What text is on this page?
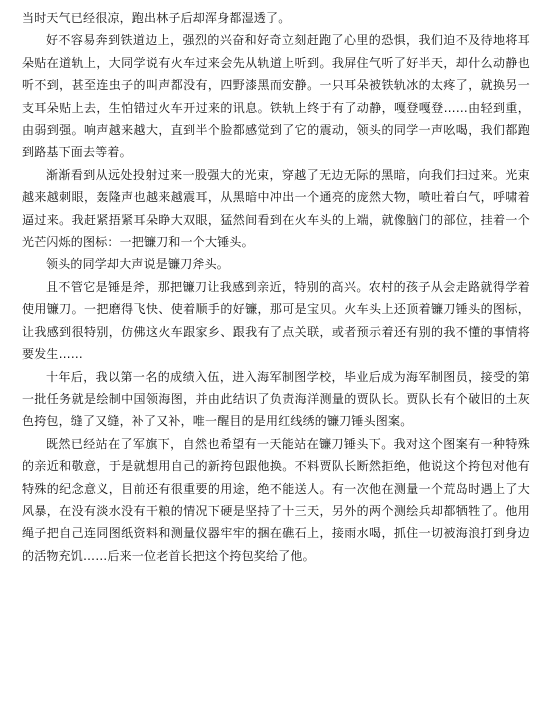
当时天气已经很凉，跑出林子后却浑身都湿透了。

好不容易奔到铁道边上，强烈的兴奋和好奇立刻赶跑了心里的恐惧，我们迫不及待地将耳朵贴在道轨上，大同学说有火车过来会先从轨道上听到。我屏住气听了好半天，却什么动静也听不到，甚至连虫子的叫声都没有，四野漆黑而安静。一只耳朵被铁轨冰的太疼了，就换另一支耳朵贴上去，生怕错过火车开过来的讯息。铁轨上终于有了动静，嘎登嘎登……由轻到重，由弱到强。响声越来越大，直到半个脸都感觉到了它的震动，领头的同学一声吆喝，我们都跑到路基下面去等着。

渐渐看到从远处投射过来一股强大的光束，穿越了无边无际的黑暗，向我们扫过来。光束越来越刺眼，轰隆声也越来越震耳，从黑暗中冲出一个通亮的庞然大物，喷吐着白气，呼啸着逼过来。我赶紧捂紧耳朵睁大双眼，猛然间看到在火车头的上端，就像脑门的部位，挂着一个光芒闪烁的图标：一把镰刀和一个大锤头。

领头的同学却大声说是镰刀斧头。

且不管它是锤是斧，那把镰刀让我感到亲近，特别的高兴。农村的孩子从会走路就得学着使用镰刀。一把磨得飞快、使着顺手的好镰，那可是宝贝。火车头上还顶着镰刀锤头的图标，让我感到很特别，仿佛这火车跟家乡、跟我有了点关联，或者预示着还有别的我不懂的事情将要发生……

十年后，我以第一名的成绩入伍，进入海军制图学校，毕业后成为海军制图员，接受的第一批任务就是绘制中国领海图，并由此结识了负责海洋测量的贾队长。贾队长有个破旧的土灰色挎包，缝了又缝，补了又补，唯一醒目的是用红线绣的镰刀锤头图案。

既然已经站在了军旗下，自然也希望有一天能站在镰刀锤头下。我对这个图案有一种特殊的亲近和敬意，于是就想用自己的新挎包跟他换。不料贾队长断然拒绝，他说这个挎包对他有特殊的纪念意义，目前还有很重要的用途，绝不能送人。有一次他在测量一个荒岛时遇上了大风暴，在没有淡水没有干粮的情况下硬是坚持了十三天，另外的两个测绘兵却都牺牲了。他用绳子把自己连同图纸资料和测量仪器牢牢的捆在礁石上，接雨水喝，抓住一切被海浪打到身边的活物充饥……后来一位老首长把这个挎包奖给了他。
